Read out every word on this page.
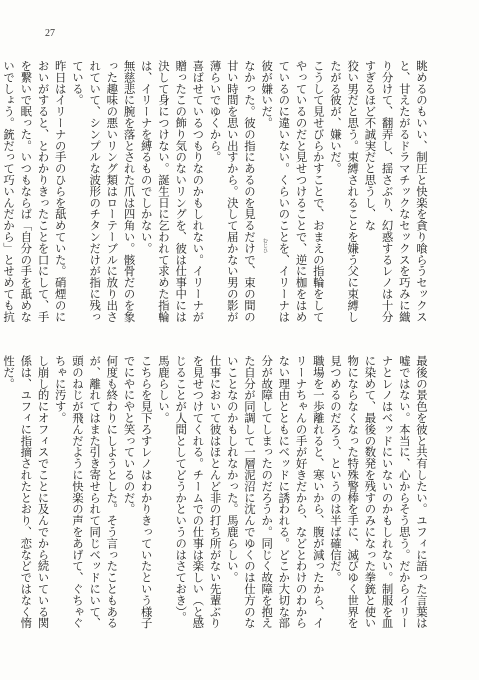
27

眺めるのもいい、制圧と快楽を貪り喰らうセックスと、甘えたがるドラマチックなセックスを巧みに織り分けて、翻弄し、揺さぶり、幻惑するレノは十分すぎるほど不誠実だと思うし、な

狡い男だと思う。束縛されることを嫌う父に束縛したがる彼が、嫌いだ。

こうして見せびらかすことで、おまえの指輪をしてやっているのだと見せつけることで、逆に枷をはめているのに違いない。くらいのことを、イリーナは彼が嫌いだ。

なかった。彼の指にあるのを見るだけで、束の間の甘い時間を思い出すから。決して届かない男の影が薄らいでゆくから。

喜ばせているつもりなのかもしれない。イリーナが贈ったこの飾り気のないリングを、彼は仕事中には決して身につけない。誕生日に乞われて求めた指輪は、イリーナを縛るものでしかない。

無慈悲に腕を落とされた爪は四角い。骸骨だのを象った趣味の悪いリング類はローテーブルに放り出されていて、シンプルな波形のチタンだけが指に残っている。

昨日はイリーナの手のひらを舐めていた。硝煙のにおいがすると、とわかりきったことを口にして、手を繋いで眠った。いつもならば「自分の手を舐めないでしょう。銃だって巧いんだから」とせめても抗

最後の景色を彼と共有したい。ユフィに語った言葉は嘘ではない。本当に、心からそう思う。だからイリーナとレノはベッドにいないのかもしれない。制服を血に染めて、最後の数発を残すのみになった拳銃と使い物にならなくなった特殊警棒を手に、滅びゆく世界を見つめるのだろう、というのは半ば確信だ。

職場を一歩離れると、寒いから、腹が減ったから、イリーナちゃんの手が好きだから、などとわけのわからない理由とともにベッドに誘われる。どこか大切な部分が故障してしまったのだろうか。同じく故障を抱えた自分が同調して一層泥沼に沈んでゆくのは仕方のないことなのかもしれなかった。馬鹿らしい。

仕事において彼はほとんど非の打ち所がない先輩ぶりを見せつけてくれる。チームでの仕事は楽しい（と感じることが人間としてどうかというのはさておき）。

馬鹿らしい。

こちらを見下ろすレノはわかりきっていたという様子でにやにやと笑っているのだ。

何度も終わりにしようとした。そう言ったこともあるが、離れてはまた引き寄せられて同じベッドにいて、頭のねじが飛んだように快楽の声をあげて、ぐちゃぐちゃに汚す。

し崩し的にオフィスでことに及んでから続いている関係は、ユフィに指摘されたとおり、恋などではなく惰性だ。

むじひ
